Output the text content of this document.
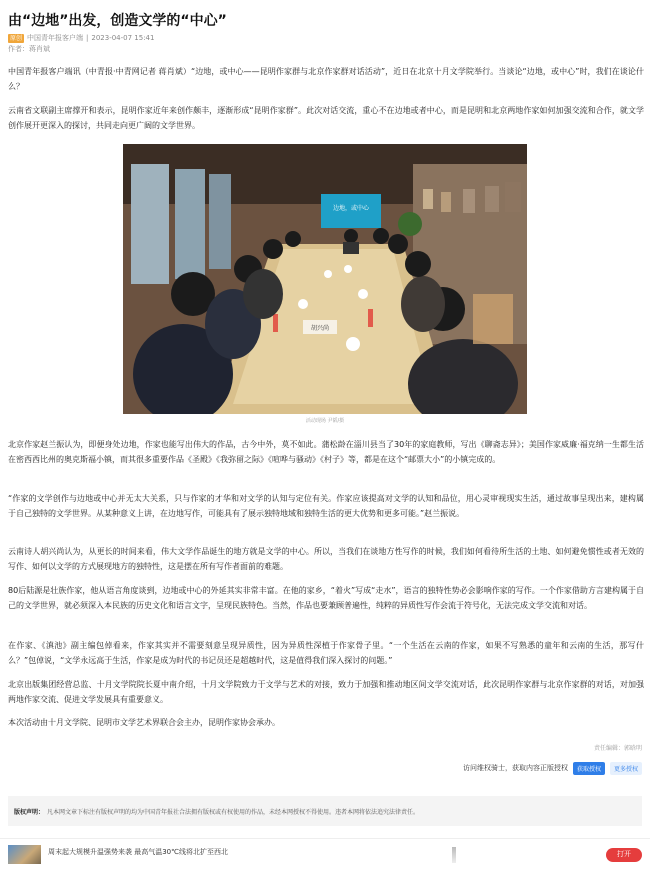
由“边地”出发，创造文学的“中心”
原创 中国青年报客户端 | 2023-04-07 15:41
作者：蒋肖斌

中国青年报客户端讯（中青报·中青网记者 蒋肖斌）“边地，或中心——昆明作家群与北京作家群对话活动”，近日在北京十月文学院举行。当谈论“边地，或中心”时，我们在谈论什么？

云南省文联副主席撑开和表示，昆明作家近年来创作颇丰，逐渐形成“昆明作家群”。此次对话交流，重心不在边地或者中心，而是昆明和北京两地作家如何加强交流和合作，就文学创作展开更深入的探讨，共同走向更广阔的文学世界。

边地，或中心
胡兴尚
活动现场 尹韬/摄

北京作家赵兰振认为，即便身处边地，作家也能写出伟大的作品，古今中外，莫不如此。蒲松龄在淄川县当了30年的家庭教师，写出《聊斋志异》；美国作家威廉·福克纳一生都生活在密西西比州的奥克斯福小镇，而其很多重要作品《圣殿》《我弥留之际》《喧哗与骚动》《村子》等，都是在这个“邮票大小”的小镇完成的。

“作家的文学创作与边地或中心并无太大关系，只与作家的才华和对文学的认知与定位有关。作家应该提高对文学的认知和品位，用心灵审视现实生活，通过故事呈现出来，建构属于自己独特的文学世界。从某种意义上讲，在边地写作，可能具有了展示独特地域和独特生活的更大优势和更多可能。”赵兰振说。

云南诗人胡兴尚认为，从更长的时间来看，伟大文学作品诞生的地方就是文学的中心。所以，当我们在谈地方性写作的时候，我们如何看待所生活的土地、如何避免惯性或者无效的写作、如何以文学的方式展现地方的独特性，这是摆在所有写作者面前的难题。

80后陆源是壮族作家，他从语言角度谈到，边地或中心的外延其实非常丰富。在他的家乡，“着火”写成“走水”，语言的独特性势必会影响作家的写作。一个作家借助方言建构属于自己的文学世界，就必须深入本民族的历史文化和语言文字，呈现民族特色。当然，作品也要兼顾普遍性，纯粹的异质性写作会流于符号化，无法完成文学交流和对话。

在作家、《滇池》副主编包倬看来，作家其实并不需要刻意呈现异质性，因为异质性深植于作家骨子里。“一个生活在云南的作家，如果不写熟悉的童年和云南的生活，那写什么？”包倬说，“文学永远高于生活，作家是成为时代的书记员还是超越时代，这是值得我们深入探讨的问题。”

北京出版集团经营总监、十月文学院院长夏中南介绍，十月文学院致力于文学与艺术的对接，致力于加强和推动地区间文学交流对话，此次昆明作家群与北京作家群的对话，对加强两地作家交流、促进文学发展具有重要意义。

本次活动由十月文学院、昆明市文学艺术界联合会主办，昆明作家协会承办。

责任编辑：郭晗明
访问维权骑士，获取内容正版授权	获取授权	更多授权
版权声明： 凡本网文章下标注有版权声明的均为中国青年报社合法拥有版权或有权使用的作品，未经本网授权不得使用。违者本网将依法追究法律责任。
周末起大规模升温强势来袭 最高气温30℃线将北扩至西北	打开
